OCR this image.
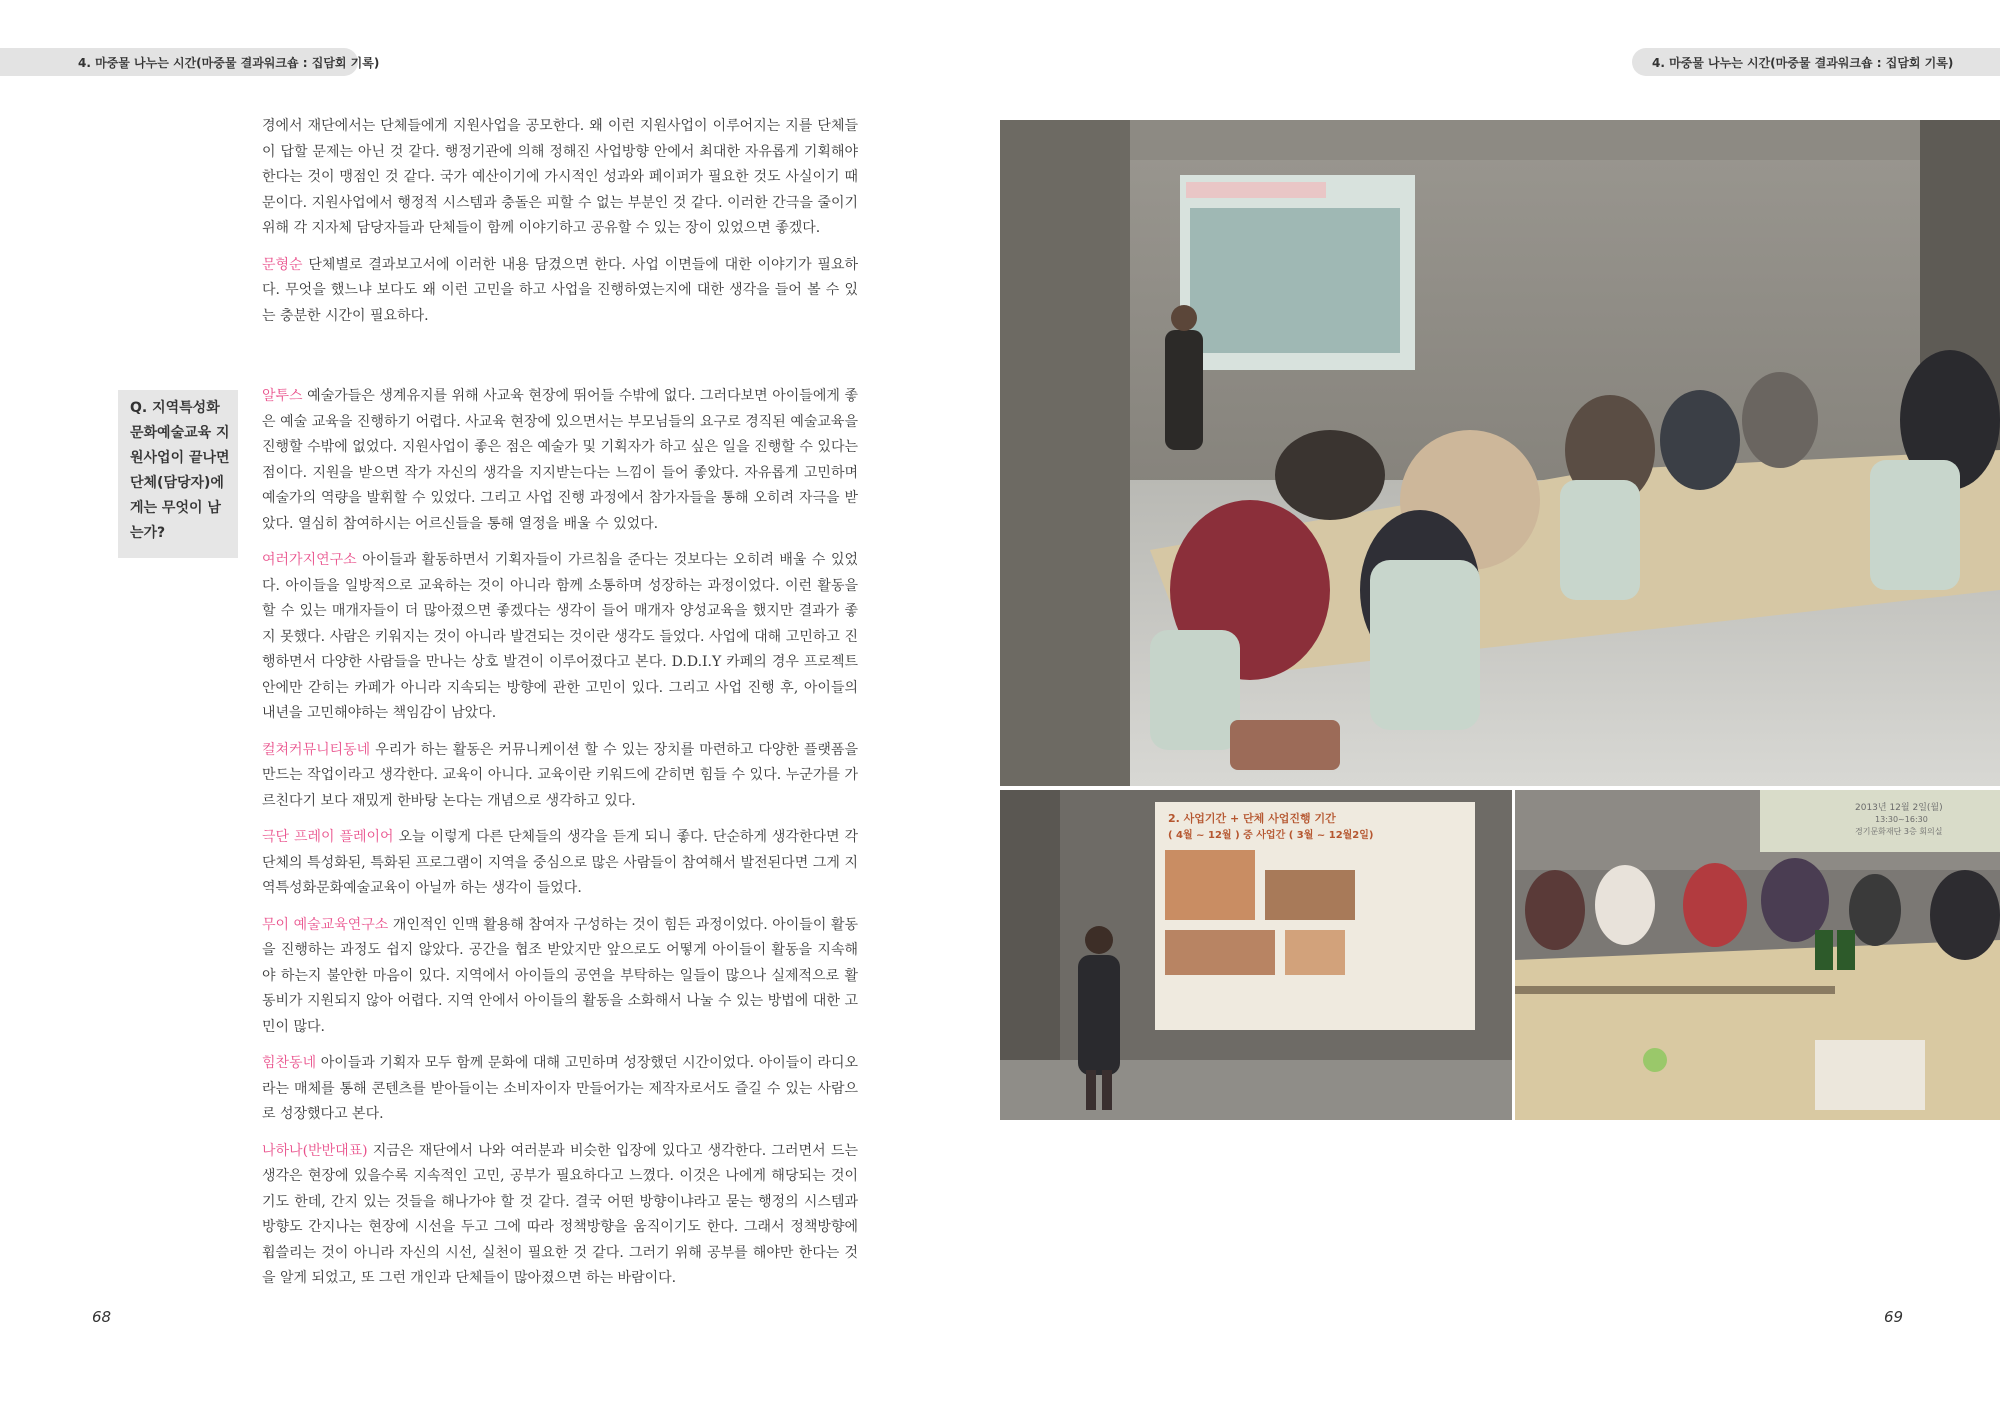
4. 마중물 나누는 시간(마중물 결과워크숍 : 집담회 기록)	4. 마중물 나누는 시간(마중물 결과워크숍 : 집담회 기록)

경에서 재단에서는 단체들에게 지원사업을 공모한다. 왜 이런 지원사업이 이루어지는 지를 단체들이 답할 문제는 아닌 것 같다. 행정기관에 의해 정해진 사업방향 안에서 최대한 자유롭게 기획해야 한다는 것이 맹점인 것 같다. 국가 예산이기에 가시적인 성과와 페이퍼가 필요한 것도 사실이기 때문이다. 지원사업에서 행정적 시스템과 충돌은 피할 수 없는 부분인 것 같다. 이러한 간극을 줄이기 위해 각 지자체 담당자들과 단체들이 함께 이야기하고 공유할 수 있는 장이 있었으면 좋겠다.

문형순 단체별로 결과보고서에 이러한 내용 담겼으면 한다. 사업 이면들에 대한 이야기가 필요하다. 무엇을 했느냐 보다도 왜 이런 고민을 하고 사업을 진행하였는지에 대한 생각을 들어 볼 수 있는 충분한 시간이 필요하다.

Q. 지역특성화 문화예술교육 지원사업이 끝나면 단체(담당자)에게는 무엇이 남는가?

알투스 예술가들은 생계유지를 위해 사교육 현장에 뛰어들 수밖에 없다. 그러다보면 아이들에게 좋은 예술 교육을 진행하기 어렵다. 사교육 현장에 있으면서는 부모님들의 요구로 경직된 예술교육을 진행할 수밖에 없었다. 지원사업이 좋은 점은 예술가 및 기획자가 하고 싶은 일을 진행할 수 있다는 점이다. 지원을 받으면 작가 자신의 생각을 지지받는다는 느낌이 들어 좋았다. 자유롭게 고민하며 예술가의 역량을 발휘할 수 있었다. 그리고 사업 진행 과정에서 참가자들을 통해 오히려 자극을 받았다. 열심히 참여하시는 어르신들을 통해 열정을 배울 수 있었다.

여러가지연구소 아이들과 활동하면서 기획자들이 가르침을 준다는 것보다는 오히려 배울 수 있었다. 아이들을 일방적으로 교육하는 것이 아니라 함께 소통하며 성장하는 과정이었다. 이런 활동을 할 수 있는 매개자들이 더 많아졌으면 좋겠다는 생각이 들어 매개자 양성교육을 했지만 결과가 좋지 못했다. 사람은 키워지는 것이 아니라 발견되는 것이란 생각도 들었다. 사업에 대해 고민하고 진행하면서 다양한 사람들을 만나는 상호 발견이 이루어졌다고 본다. D.D.I.Y 카페의 경우 프로젝트 안에만 갇히는 카페가 아니라 지속되는 방향에 관한 고민이 있다. 그리고 사업 진행 후, 아이들의 내년을 고민해야하는 책임감이 남았다.

컬쳐커뮤니티동네 우리가 하는 활동은 커뮤니케이션 할 수 있는 장치를 마련하고 다양한 플랫폼을 만드는 작업이라고 생각한다. 교육이 아니다. 교육이란 키워드에 갇히면 힘들 수 있다. 누군가를 가르친다기 보다 재밌게 한바탕 논다는 개념으로 생각하고 있다.

극단 프레이 플레이어 오늘 이렇게 다른 단체들의 생각을 듣게 되니 좋다. 단순하게 생각한다면 각 단체의 특성화된, 특화된 프로그램이 지역을 중심으로 많은 사람들이 참여해서 발전된다면 그게 지역특성화문화예술교육이 아닐까 하는 생각이 들었다.

무이 예술교육연구소 개인적인 인맥 활용해 참여자 구성하는 것이 힘든 과정이었다. 아이들이 활동을 진행하는 과정도 쉽지 않았다. 공간을 협조 받았지만 앞으로도 어떻게 아이들이 활동을 지속해야 하는지 불안한 마음이 있다. 지역에서 아이들의 공연을 부탁하는 일들이 많으나 실제적으로 활동비가 지원되지 않아 어렵다. 지역 안에서 아이들의 활동을 소화해서 나눌 수 있는 방법에 대한 고민이 많다.

힘찬동네 아이들과 기획자 모두 함께 문화에 대해 고민하며 성장했던 시간이었다. 아이들이 라디오라는 매체를 통해 콘텐츠를 받아들이는 소비자이자 만들어가는 제작자로서도 즐길 수 있는 사람으로 성장했다고 본다.

나하나(반반대표) 지금은 재단에서 나와 여러분과 비슷한 입장에 있다고 생각한다. 그러면서 드는 생각은 현장에 있을수록 지속적인 고민, 공부가 필요하다고 느꼈다. 이것은 나에게 해당되는 것이기도 한데, 간지 있는 것들을 해나가야 할 것 같다. 결국 어떤 방향이냐라고 묻는 행정의 시스템과 방향도 간지나는 현장에 시선을 두고 그에 따라 정책방향을 움직이기도 한다. 그래서 정책방향에 휩쓸리는 것이 아니라 자신의 시선, 실천이 필요한 것 같다. 그러기 위해 공부를 해야만 한다는 것을 알게 되었고, 또 그런 개인과 단체들이 많아졌으면 하는 바람이다.

68	69
2. 사업기간 + 단체 사업진행 기간
( 4월 ~ 12월 ) 중 사업간 ( 3월 ~ 12월2일)
2013년 12월 2일(월)
13:30~16:30
경기문화재단 3층 회의실
